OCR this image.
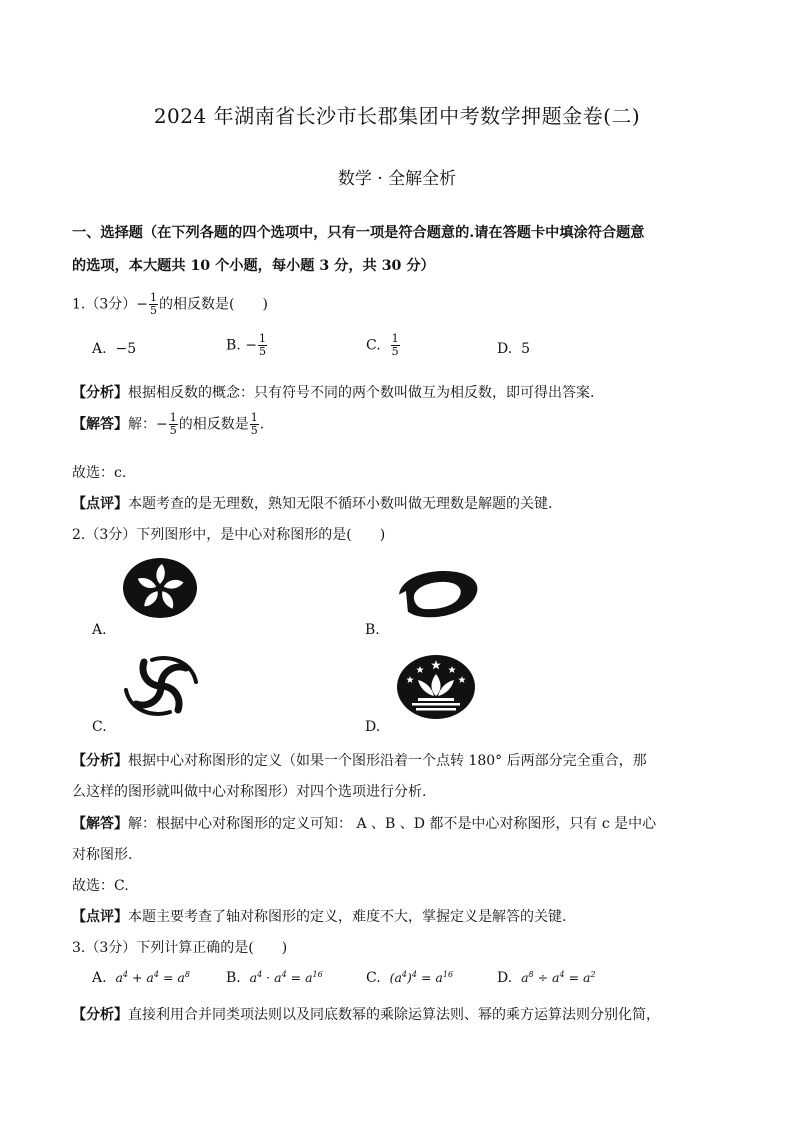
2024 年湖南省长沙市长郡集团中考数学押题金卷(二)
数学 · 全解全析
一、选择题（在下列各题的四个选项中，只有一项是符合题意的.请在答题卡中填涂符合题意
的选项，本大题共 10 个小题，每小题 3 分，共 30 分）
1.（3分）− $\frac{1}{5}$ 的相反数是(　　)
A. −5	B. − $\frac{1}{5}$	C. $\frac{1}{5}$	D. 5
【分析】根据相反数的概念：只有符号不同的两个数叫做互为相反数，即可得出答案.
【解答】解：− $\frac{1}{5}$ 的相反数是 $\frac{1}{5}$ .
故选：c.
【点评】本题考查的是无理数，熟知无限不循环小数叫做无理数是解题的关键.
2.（3分）下列图形中，是中心对称图形的是(　　)
A.	B.
C.	D.
【分析】根据中心对称图形的定义（如果一个图形沿着一个点转 180° 后两部分完全重合，那
么这样的图形就叫做中心对称图形）对四个选项进行分析.
【解答】解：根据中心对称图形的定义可知： A 、B 、D 都不是中心对称图形，只有 c 是中心
对称图形.
故选：C.
【点评】本题主要考查了轴对称图形的定义，难度不大，掌握定义是解答的关键.
3.（3分）下列计算正确的是(　　)
A. $a^4 + a^4 = a^8$	B. $a^4 \cdot a^4 = a^{16}$	C. $(a^4)^4 = a^{16}$	D. $a^8 \div a^4 = a^2$
【分析】直接利用合并同类项法则以及同底数幂的乘除运算法则、幂的乘方运算法则分别化简，
